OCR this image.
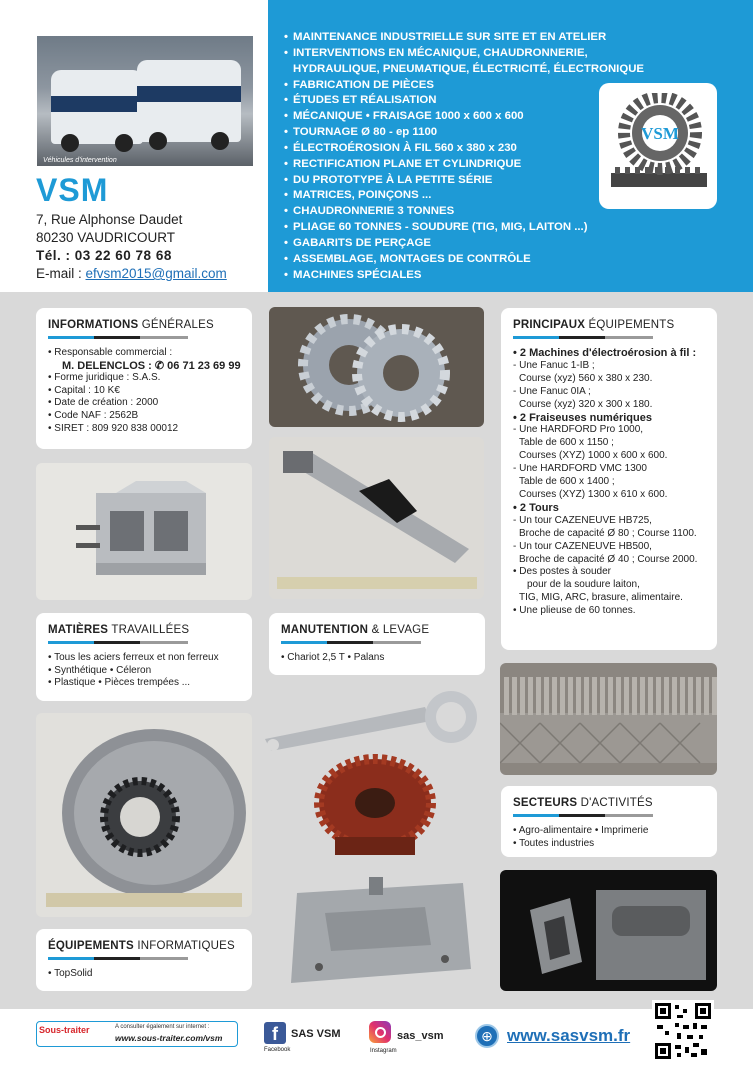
Véhicules d'intervention
VSM
7, Rue Alphonse Daudet
80230 VAUDRICOURT
Tél. : 03 22 60 78 68
E-mail : efvsm2015@gmail.com
• MAINTENANCE INDUSTRIELLE SUR SITE ET EN ATELIER
• INTERVENTIONS EN MÉCANIQUE, CHAUDRONNERIE,
HYDRAULIQUE, PNEUMATIQUE, ÉLECTRICITÉ, ÉLECTRONIQUE
• FABRICATION DE PIÈCES
• ÉTUDES ET RÉALISATION
• MÉCANIQUE • FRAISAGE 1000 x 600 x 600
• TOURNAGE Ø 80 - ep 1100
• ÉLECTROÉROSION À FIL 560 x 380 x 230
• RECTIFICATION PLANE ET CYLINDRIQUE
• DU PROTOTYPE À LA PETITE SÉRIE
• MATRICES, POINÇONS ...
• CHAUDRONNERIE 3 TONNES
• PLIAGE 60 TONNES - SOUDURE (TIG, MIG, LAITON ...)
• GABARITS DE PERÇAGE
• ASSEMBLAGE, MONTAGES DE CONTRÔLE
• MACHINES SPÉCIALES
VSM
INFORMATIONS GÉNÉRALES
• Responsable commercial :
M. DELENCLOS : ✆ 06 71 23 69 99
• Forme juridique : S.A.S.
• Capital : 10 K€
• Date de création : 2000
• Code NAF : 2562B
• SIRET : 809 920 838 00012
MATIÈRES TRAVAILLÉES
• Tous les aciers ferreux et non ferreux
• Synthétique • Céleron
• Plastique • Pièces trempées ...
ÉQUIPEMENTS INFORMATIQUES
• TopSolid
MANUTENTION & LEVAGE
• Chariot 2,5 T • Palans
PRINCIPAUX ÉQUIPEMENTS
• 2 Machines d'électroérosion à fil :
- Une Fanuc 1-IB ;
Course (xyz) 560 x 380 x 230.
- Une Fanuc 0IA ;
Course (xyz) 320 x 300 x 180.
• 2 Fraiseuses numériques
- Une HARDFORD Pro 1000,
Table de 600 x 1150 ;
Courses (XYZ) 1000 x 600 x 600.
- Une HARDFORD VMC 1300
Table de 600 x 1400 ;
Courses (XYZ) 1300 x 610 x 600.
• 2 Tours
- Un tour CAZENEUVE HB725,
Broche de capacité Ø 80 ; Course 1100.
- Un tour CAZENEUVE HB500,
Broche de capacité Ø 40 ; Course 2000.
• Des postes à souder
pour de la soudure laiton,
TIG, MIG, ARC, brasure, alimentaire.
• Une plieuse de 60 tonnes.
SECTEURS D'ACTIVITÉS
• Agro-alimentaire • Imprimerie
• Toutes industries
Sous-traiter	A consulter également sur internet :
www.sous-traiter.com/vsm	f	SAS VSM
Facebook
sas_vsm
Instagram
⊕ www.sasvsm.fr
